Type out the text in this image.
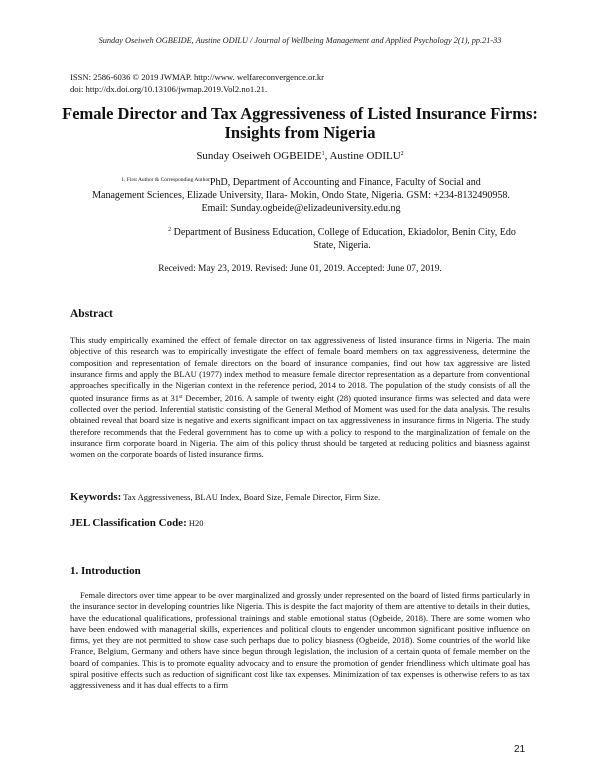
Sunday Oseiweh OGBEIDE, Austine ODILU / Journal of Wellbeing Management and Applied Psychology 2(1), pp.21-33
ISSN: 2586-6036 © 2019 JWMAP. http://www. welfareconvergence.or.kr
doi: http://dx.doi.org/10.13106/jwmap.2019.Vol2.no1.21.
Female Director and Tax Aggressiveness of Listed Insurance Firms:
Insights from Nigeria
Sunday Oseiweh OGBEIDE$^1$, Austine ODILU$^2$
$^{1. First Author \& Corresponding Author}$PhD, Department of Accounting and Finance, Faculty of Social and
Management Sciences, Elizade University, Ilara- Mokin, Ondo State, Nigeria. GSM: +234-8132490958.
Email: Sunday.ogbeide@elizadeuniversity.edu.ng
$^2$ Department of Business Education, College of Education, Ekiadolor, Benin City, Edo
State, Nigeria.
Received: May 23, 2019. Revised: June 01, 2019. Accepted: June 07, 2019.
Abstract
This study empirically examined the effect of female director on tax aggressiveness of listed insurance firms in Nigeria. The main objective of this research was to empirically investigate the effect of female board members on tax aggressiveness, determine the composition and representation of female directors on the board of insurance companies, find out how tax aggressive are listed insurance firms and apply the BLAU (1977) index method to measure female director representation as a departure from conventional approaches specifically in the Nigerian context in the reference period, 2014 to 2018. The population of the study consists of all the quoted insurance firms as at 31st December, 2016. A sample of twenty eight (28) quoted insurance firms was selected and data were collected over the period. Inferential statistic consisting of the General Method of Moment was used for the data analysis. The results obtained reveal that board size is negative and exerts significant impact on tax aggressiveness in insurance firms in Nigeria. The study therefore recommends that the Federal government has to come up with a policy to respond to the marginalization of female on the insurance firm corporate board in Nigeria. The aim of this policy thrust should be targeted at reducing politics and biasness against women on the corporate boards of listed insurance firms.
Keywords: Tax Aggressiveness, BLAU Index, Board Size, Female Director, Firm Size.
JEL Classification Code: H20
1. Introduction
Female directors over time appear to be over marginalized and grossly under represented on the board of listed firms particularly in the insurance sector in developing countries like Nigeria. This is despite the fact majority of them are attentive to details in their duties, have the educational qualifications, professional trainings and stable emotional status (Ogbeide, 2018). There are some women who have been endowed with managerial skills, experiences and political clouts to engender uncommon significant positive influence on firms, yet they are not permitted to show case such perhaps due to policy biasness (Ogbeide, 2018). Some countries of the world like France, Belgium, Germany and others have since begun through legislation, the inclusion of a certain quota of female member on the board of companies. This is to promote equality advocacy and to ensure the promotion of gender friendliness which ultimate goal has spiral positive effects such as reduction of significant cost like tax expenses. Minimization of tax expenses is otherwise refers to as tax aggressiveness and it has dual effects to a firm
21
